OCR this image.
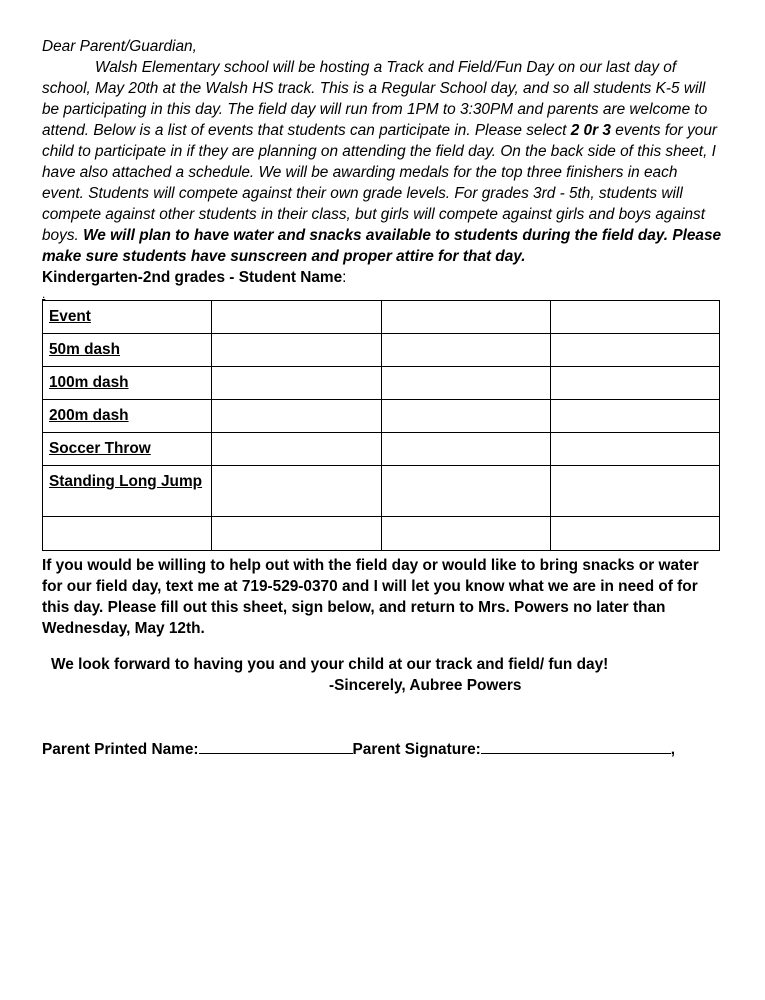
Dear Parent/Guardian,
Walsh Elementary school will be hosting a Track and Field/Fun Day on our last day of school, May 20th at the Walsh HS track. This is a Regular School day, and so all students K-5 will be participating in this day. The field day will run from 1PM to 3:30PM and parents are welcome to attend. Below is a list of events that students can participate in. Please select 2 0r 3 events for your child to participate in if they are planning on attending the field day. On the back side of this sheet, I have also attached a schedule. We will be awarding medals for the top three finishers in each event. Students will compete against their own grade levels. For grades 3rd - 5th, students will compete against other students in their class, but girls will compete against girls and boys against boys. We will plan to have water and snacks available to students during the field day. Please make sure students have sunscreen and proper attire for that day.

Kindergarten-2nd grades - Student Name:

.
Event			
50m dash			
100m dash			
200m dash			
Soccer Throw			
Standing Long Jump			

If you would be willing to help out with the field day or would like to bring snacks or water for our field day, text me at 719-529-0370 and I will let you know what we are in need of for this day. Please fill out this sheet, sign below, and return to Mrs. Powers no later than Wednesday, May 12th.

We look forward to having you and your child at our track and field/ fun day!

-Sincerely, Aubree Powers

Parent Printed Name:	Parent Signature:	,
